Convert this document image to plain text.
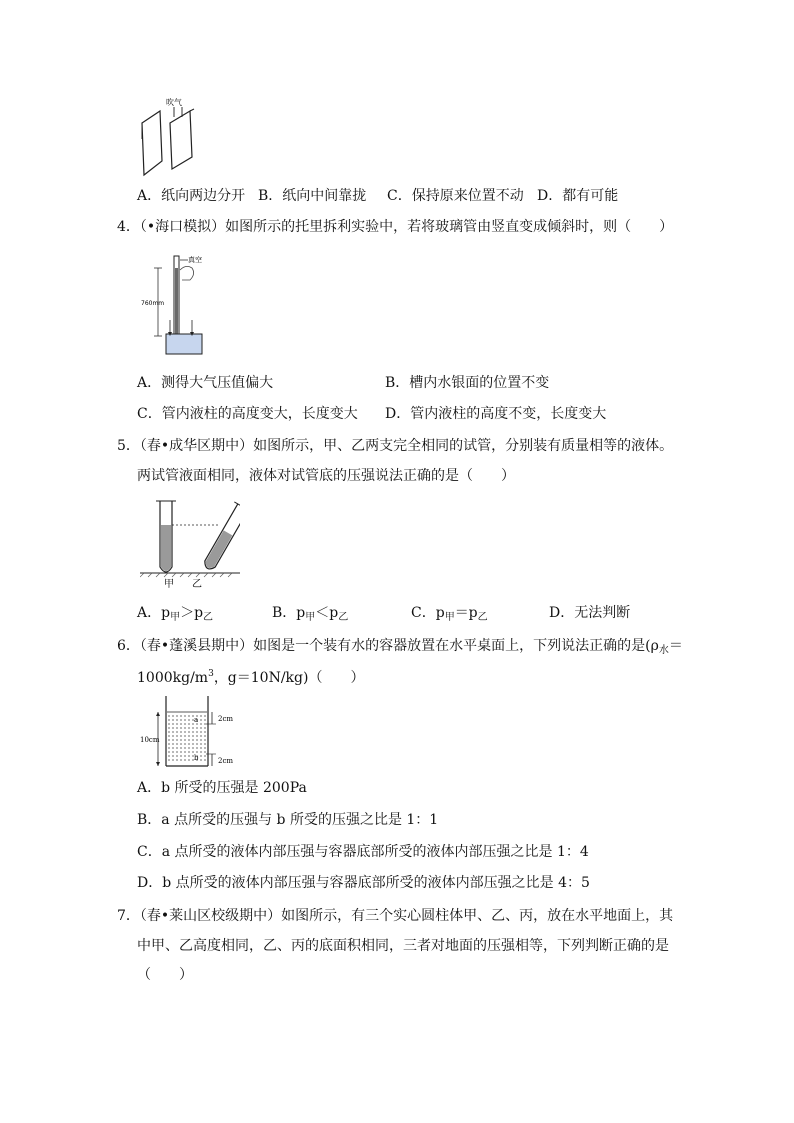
吹气
A．纸向两边分开 B．纸向中间靠拢 C．保持原来位置不动 D．都有可能
4．（•海口模拟）如图所示的托里拆利实验中，若将玻璃管由竖直变成倾斜时，则（　　）
真空
760mm
A．测得大气压值偏大	B．槽内水银面的位置不变
C．管内液柱的高度变大，长度变大 D．管内液柱的高度不变，长度变大
5．（春•成华区期中）如图所示，甲、乙两支完全相同的试管，分别装有质量相等的液体。
两试管液面相同，液体对试管底的压强说法正确的是（　　）
甲 乙
A．$p_甲>p_乙$	B．$p_甲<p_乙$	C．$p_甲=p_乙$	D．无法判断
6．（春•蓬溪县期中）如图是一个装有水的容器放置在水平桌面上，下列说法正确的是($\rho_水=$
$1000kg/m^3$，g＝10N/kg)（　　）
10cm
a
b
2cm
2cm
A．b 所受的压强是 200Pa
B．a 点所受的压强与 b 所受的压强之比是 1：1
C．a 点所受的液体内部压强与容器底部所受的液体内部压强之比是 1：4
D．b 点所受的液体内部压强与容器底部所受的液体内部压强之比是 4：5
7．（春•莱山区校级期中）如图所示，有三个实心圆柱体甲、乙、丙，放在水平地面上，其
中甲、乙高度相同，乙、丙的底面积相同，三者对地面的压强相等，下列判断正确的是
（　　）
